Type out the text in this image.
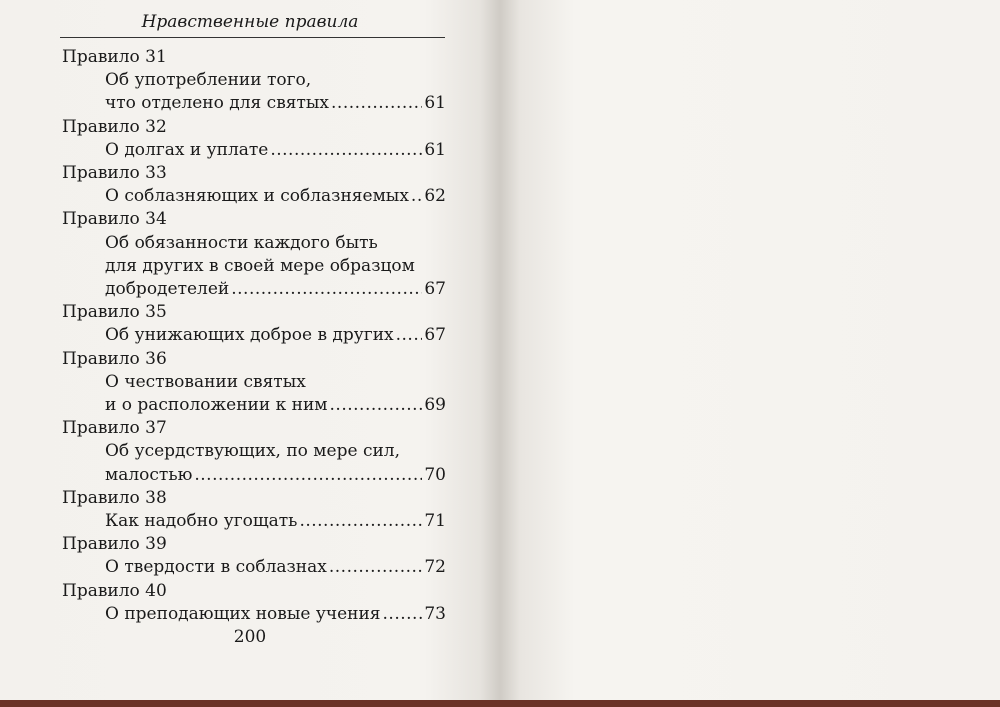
Нравственные правила
Правило 31
Об употреблении того,
что отделено для святых .....	61
Правило 32
О долгах и уплате .....	61
Правило 33
О соблазняющих и соблазняемых ..... 62
Правило 34
Об обязанности каждого быть
для других в своей мере образцом
добродетелей .....	67
Правило 35
Об унижающих доброе в других ..... 67
Правило 36
О чествовании святых
и о расположении к ним .....	69
Правило 37
Об усердствующих, по мере сил,
малостью .....	70
Правило 38
Как надобно угощать .....	71
Правило 39
О твердости в соблазнах .....	72
Правило 40
О преподающих новые учения .....	73
200
